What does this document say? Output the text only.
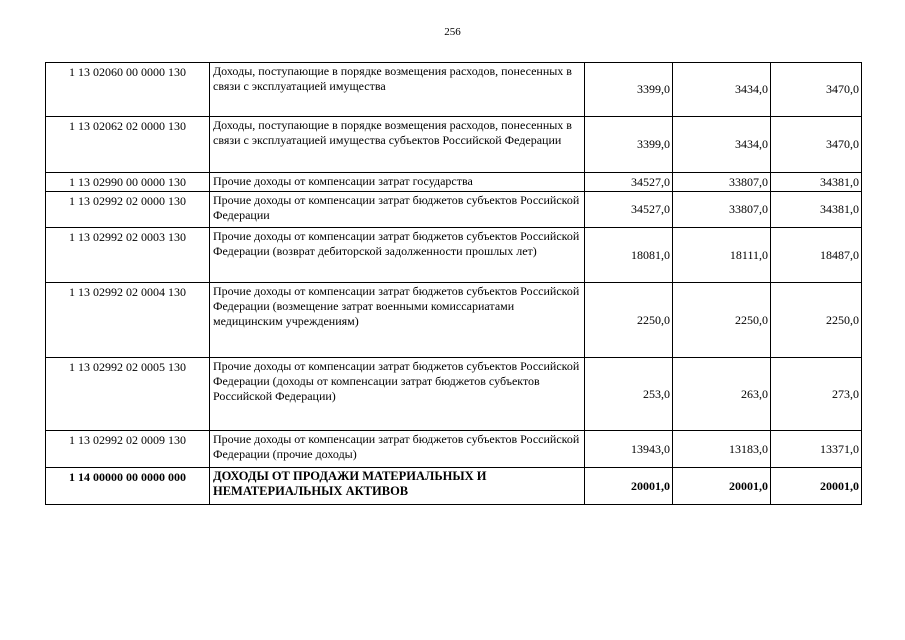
256
1 13 02060 00 0000 130	Доходы, поступающие в порядке возмещения расходов, понесенных в связи с эксплуатацией имущества	3399,0	3434,0	3470,0
1 13 02062 02 0000 130	Доходы, поступающие в порядке возмещения расходов, понесенных в связи с эксплуатацией имущества субъектов Российской Федерации	3399,0	3434,0	3470,0
1 13 02990 00 0000 130	Прочие доходы от компенсации затрат государства	34527,0	33807,0	34381,0
1 13 02992 02 0000 130	Прочие доходы от компенсации затрат бюджетов субъектов Российской Федерации	34527,0	33807,0	34381,0
1 13 02992 02 0003 130	Прочие доходы от компенсации затрат бюджетов субъектов Российской Федерации (возврат дебиторской задолженности прошлых лет)	18081,0	18111,0	18487,0
1 13 02992 02 0004 130	Прочие доходы от компенсации затрат бюджетов субъектов Российской Федерации (возмещение затрат военными комиссариатами медицинским учреждениям)	2250,0	2250,0	2250,0
1 13 02992 02 0005 130	Прочие доходы от компенсации затрат бюджетов субъектов Российской Федерации (доходы от компенсации затрат бюджетов субъектов Российской Федерации)	253,0	263,0	273,0
1 13 02992 02 0009 130	Прочие доходы от компенсации затрат бюджетов субъектов Российской Федерации (прочие доходы)	13943,0	13183,0	13371,0
1 14 00000 00 0000 000	ДОХОДЫ ОТ ПРОДАЖИ МАТЕРИАЛЬНЫХ И НЕМАТЕРИАЛЬНЫХ АКТИВОВ	20001,0	20001,0	20001,0
